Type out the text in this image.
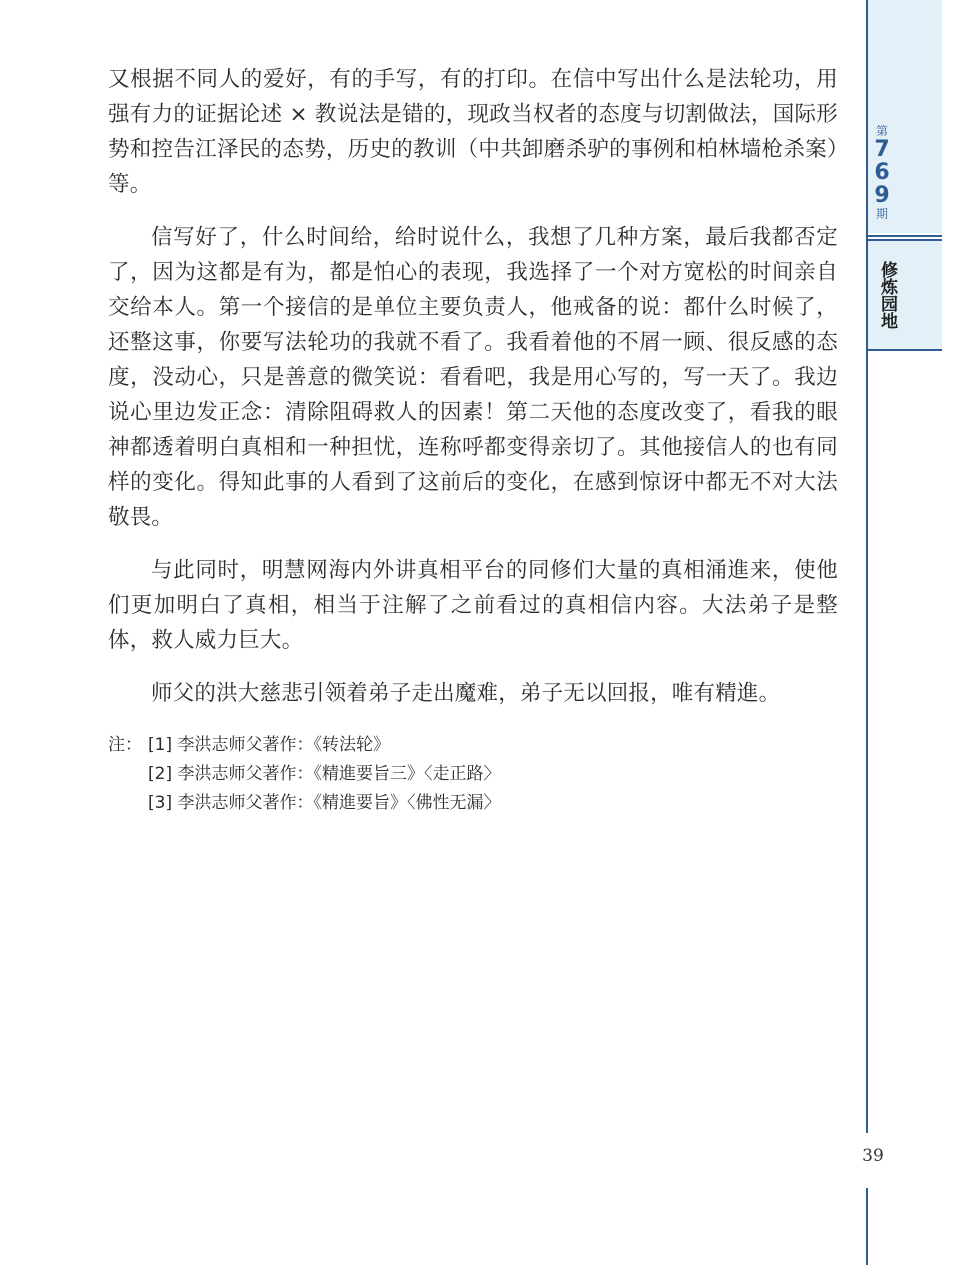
又根据不同人的爱好，有的手写，有的打印。在信中写出什么是法轮功，用强有力的证据论述 × 教说法是错的，现政当权者的态度与切割做法，国际形势和控告江泽民的态势，历史的教训（中共卸磨杀驴的事例和柏林墙枪杀案）等。

信写好了，什么时间给，给时说什么，我想了几种方案，最后我都否定了，因为这都是有为，都是怕心的表现，我选择了一个对方宽松的时间亲自交给本人。第一个接信的是单位主要负责人，他戒备的说：都什么时候了，还整这事，你要写法轮功的我就不看了。我看着他的不屑一顾、很反感的态度，没动心，只是善意的微笑说：看看吧，我是用心写的，写一天了。我边说心里边发正念：清除阻碍救人的因素！第二天他的态度改变了，看我的眼神都透着明白真相和一种担忧，连称呼都变得亲切了。其他接信人的也有同样的变化。得知此事的人看到了这前后的变化，在感到惊讶中都无不对大法敬畏。

与此同时，明慧网海内外讲真相平台的同修们大量的真相涌進来，使他们更加明白了真相，相当于注解了之前看过的真相信内容。大法弟子是整体，救人威力巨大。

师父的洪大慈悲引领着弟子走出魔难，弟子无以回报，唯有精進。

注： [1] 李洪志师父著作：《转法轮》
[2] 李洪志师父著作：《精進要旨三》〈走正路〉
[3] 李洪志师父著作：《精進要旨》〈佛性无漏〉
第
7
6
9
期
修炼园地
39
